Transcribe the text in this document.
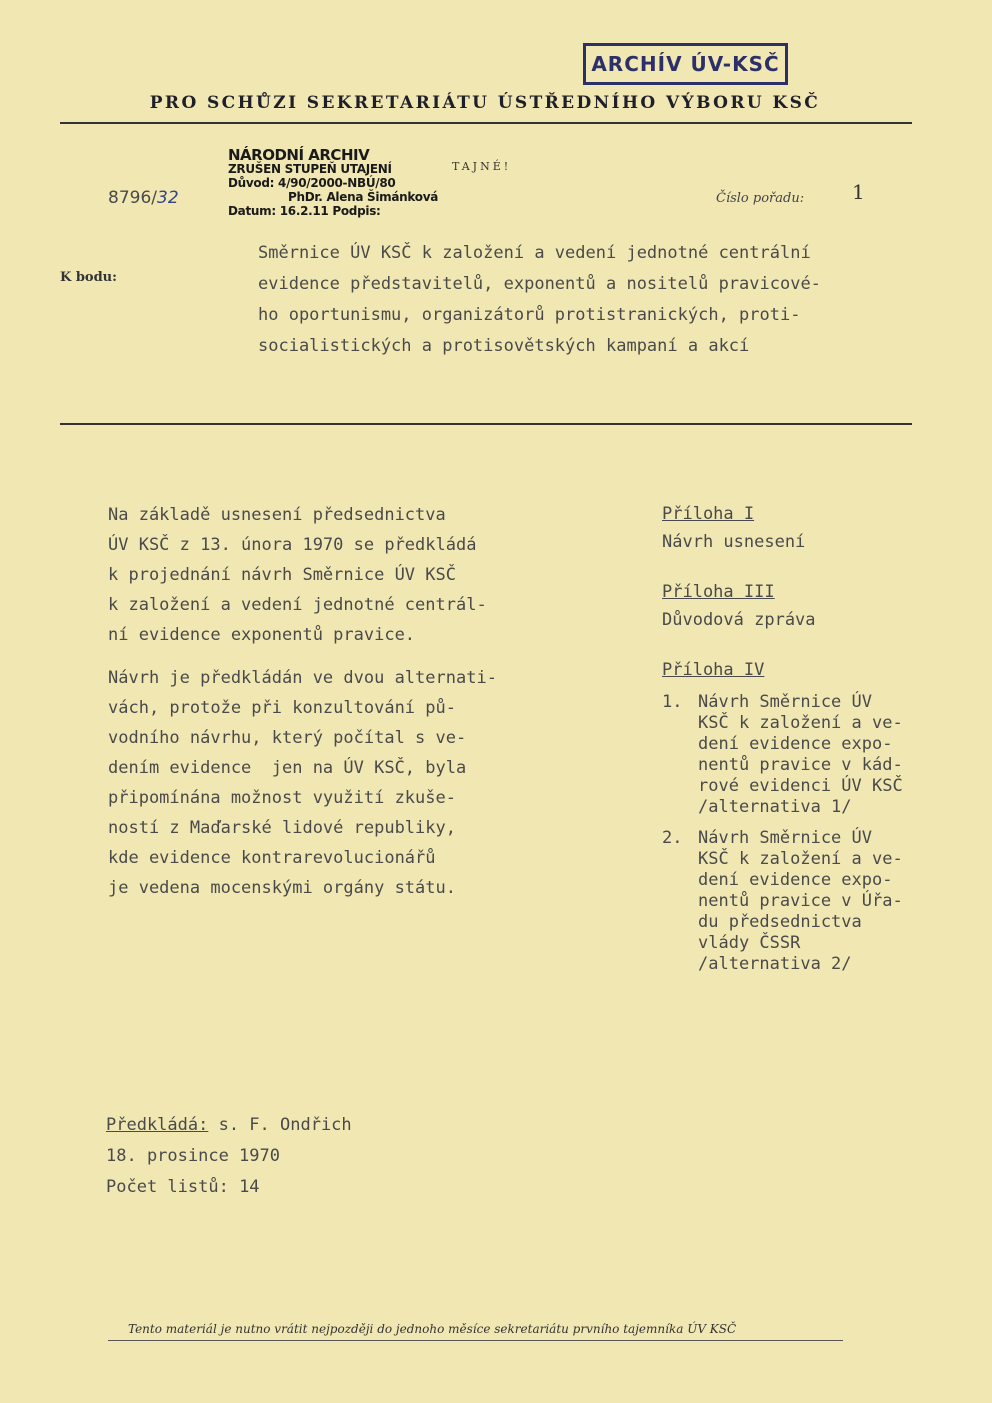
ARCHÍV ÚV-KSČ
PRO SCHŮZI SEKRETARIÁTU ÚSTŘEDNÍHO VÝBORU KSČ
NÁRODNÍ ARCHIV
ZRUŠEN STUPEŇ UTAJENÍ
Důvod: 4/90/2000-NBÚ/80
PhDr. Alena Šimánková
Datum: 16.2.11 Podpis:
TAJNÉ!
8796/32	Číslo pořadu: 1
K bodu:
Směrnice ÚV KSČ k založení a vedení jednotné centrální
evidence představitelů, exponentů a nositelů pravicové-
ho oportunismu, organizátorů protistranických, proti-
socialistických a protisovětských kampaní a akcí

Na základě usnesení předsednictva
ÚV KSČ z 13. února 1970 se předkládá
k projednání návrh Směrnice ÚV KSČ
k založení a vedení jednotné centrál-
ní evidence exponentů pravice.

Návrh je předkládán ve dvou alternati-
vách, protože při konzultování pů-
vodního návrhu, který počítal s ve-
dením evidence  jen na ÚV KSČ, byla
připomínána možnost využití zkuše-
ností z Maďarské lidové republiky,
kde evidence kontrarevolucionářů
je vedena mocenskými orgány státu.

Příloha I
Návrh usnesení
Příloha III
Důvodová zpráva
Příloha IV
1. Návrh Směrnice ÚV
KSČ k založení a ve-
dení evidence expo-
nentů pravice v kád-
rové evidenci ÚV KSČ
/alternativa 1/
2. Návrh Směrnice ÚV
KSČ k založení a ve-
dení evidence expo-
nentů pravice v Úřa-
du předsednictva
vlády ČSSR
/alternativa 2/
Předkládá: s. F. Ondřich
18. prosince 1970
Počet listů: 14
Tento materiál je nutno vrátit nejpozději do jednoho měsíce sekretariátu prvního tajemníka ÚV KSČ
